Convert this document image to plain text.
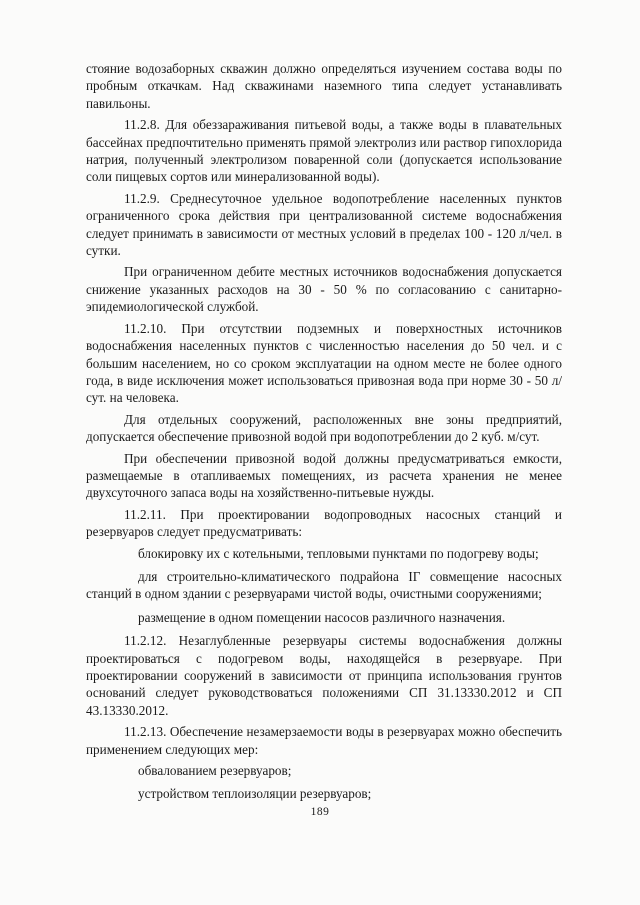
стояние водозаборных скважин должно определяться изучением состава воды по пробным откачкам. Над скважинами наземного типа следует устанавливать павильоны.

11.2.8. Для обеззараживания питьевой воды, а также воды в плавательных бассейнах предпочтительно применять прямой электролиз или раствор гипохлорида натрия, полученный электролизом поваренной соли (допускается использование соли пищевых сортов или минерализованной воды).

11.2.9. Среднесуточное удельное водопотребление населенных пунктов ограниченного срока действия при централизованной системе водоснабжения следует принимать в зависимости от местных условий в пределах 100 - 120 л/чел. в сутки.

При ограниченном дебите местных источников водоснабжения допускается снижение указанных расходов на 30 - 50 % по согласованию с санитарно-эпидемиологической службой.

11.2.10. При отсутствии подземных и поверхностных источников водоснабжения населенных пунктов с численностью населения до 50 чел. и с большим населением, но со сроком эксплуатации на одном месте не более одного года, в виде исключения может использоваться привозная вода при норме 30 - 50 л/сут. на человека.

Для отдельных сооружений, расположенных вне зоны предприятий, допускается обеспечение привозной водой при водопотреблении до 2 куб. м/сут.

При обеспечении привозной водой должны предусматриваться емкости, размещаемые в отапливаемых помещениях, из расчета хранения не менее двухсуточного запаса воды на хозяйственно-питьевые нужды.

11.2.11. При проектировании водопроводных насосных станций и резервуаров следует предусматривать:

блокировку их с котельными, тепловыми пунктами по подогреву воды;

для строительно-климатического подрайона IГ совмещение насосных станций в одном здании с резервуарами чистой воды, очистными сооружениями;

размещение в одном помещении насосов различного назначения.

11.2.12. Незаглубленные резервуары системы водоснабжения должны проектироваться с подогревом воды, находящейся в резервуаре. При проектировании сооружений в зависимости от принципа использования грунтов оснований следует руководствоваться положениями СП 31.13330.2012 и СП 43.13330.2012.

11.2.13. Обеспечение незамерзаемости воды в резервуарах можно обеспечить применением следующих мер:

обвалованием резервуаров;

устройством теплоизоляции резервуаров;

189
